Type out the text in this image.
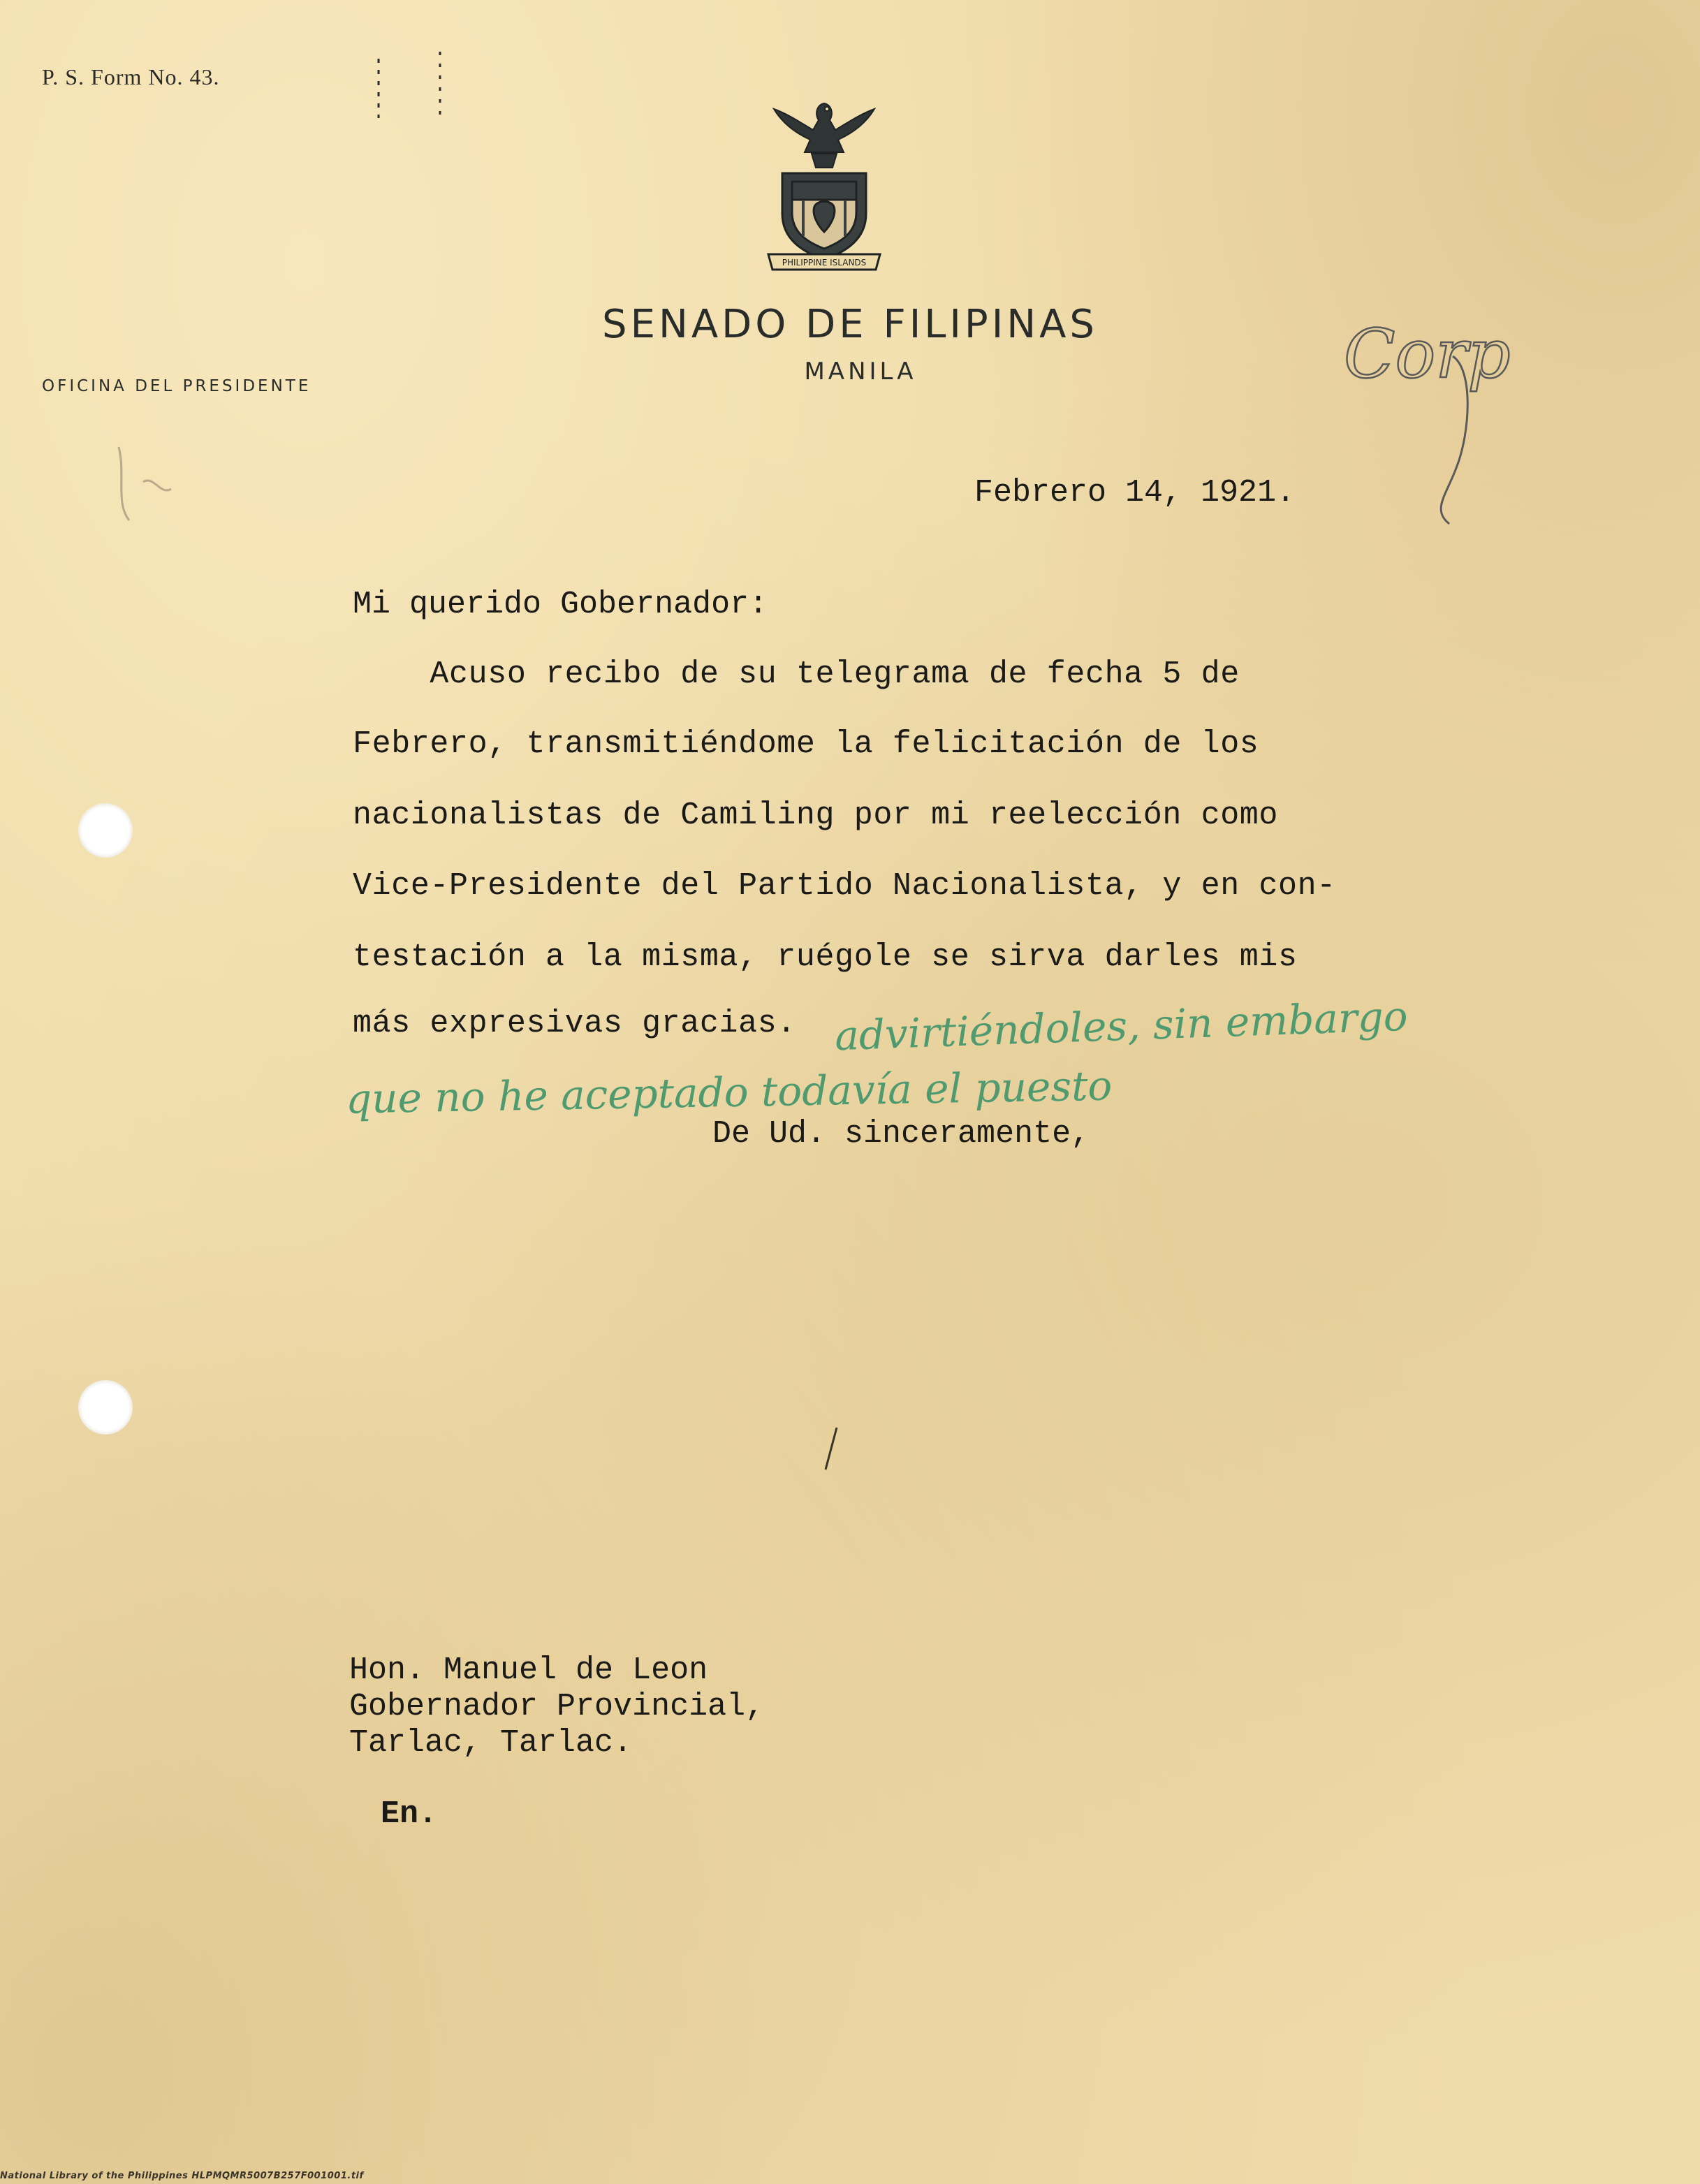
P. S. Form No. 43.
PHILIPPINE ISLANDS
SENADO DE FILIPINAS
MANILA
OFICINA DEL PRESIDENTE	Corp
Febrero 14, 1921.
Mi querido Gobernador:
Acuso recibo de su telegrama de fecha 5 de
Febrero, transmitiéndome la felicitación de los
nacionalistas de Camiling por mi reelección como
Vice-Presidente del Partido Nacionalista, y en con-
testación a la misma, ruégole se sirva darles mis
más expresivas gracias. advirtiéndoles, sin embargo
que no he aceptado todavía el puesto
De Ud. sinceramente,
Hon. Manuel de Leon
Gobernador Provincial,
Tarlac, Tarlac.
En.
National Library of the Philippines HLPMQMR5007B257F001001.tif
